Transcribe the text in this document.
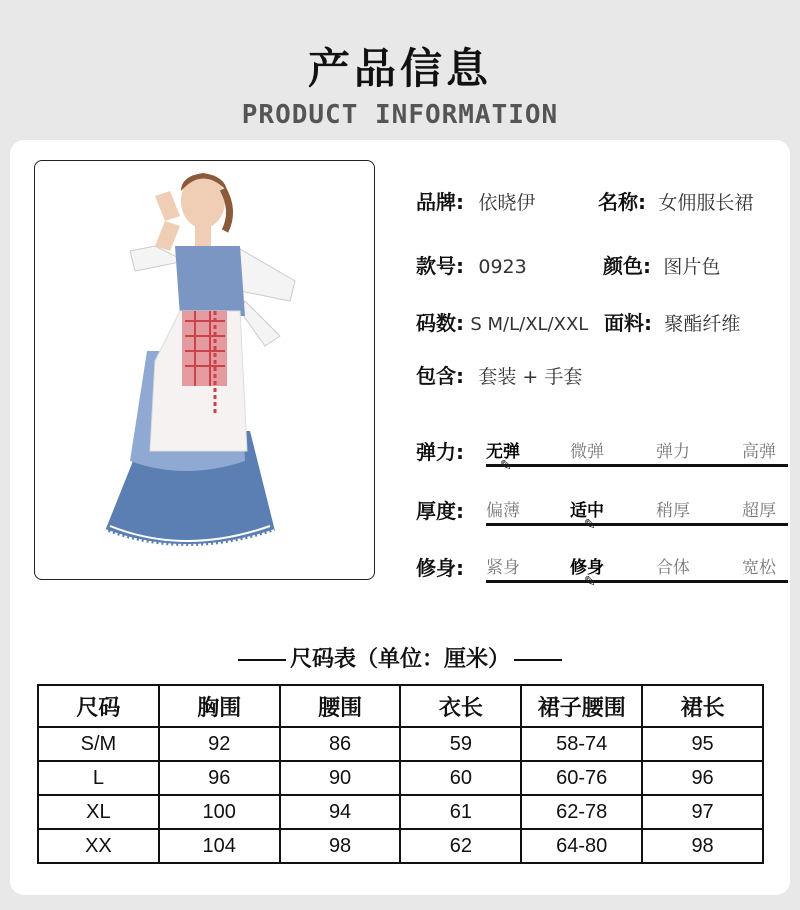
产品信息
PRODUCT INFORMATION
品牌: 依晓伊	名称: 女佣服长裙
款号: 0923	颜色: 图片色
码数: S M/L/XL/XXL 面料: 聚酯纤维
包含: 套装 + 手套
弹力: 无弹	微弹	弹力	高弹
✎
厚度: 偏薄	适中	稍厚	超厚
✎
修身: 紧身	修身	合体	宽松
✎
尺码表（单位：厘米）
尺码	胸围	腰围	衣长	裙子腰围	裙长
S/M	92	86	59	58-74	95
L	96	90	60	60-76	96
XL	100	94	61	62-78	97
XX	104	98	62	64-80	98
